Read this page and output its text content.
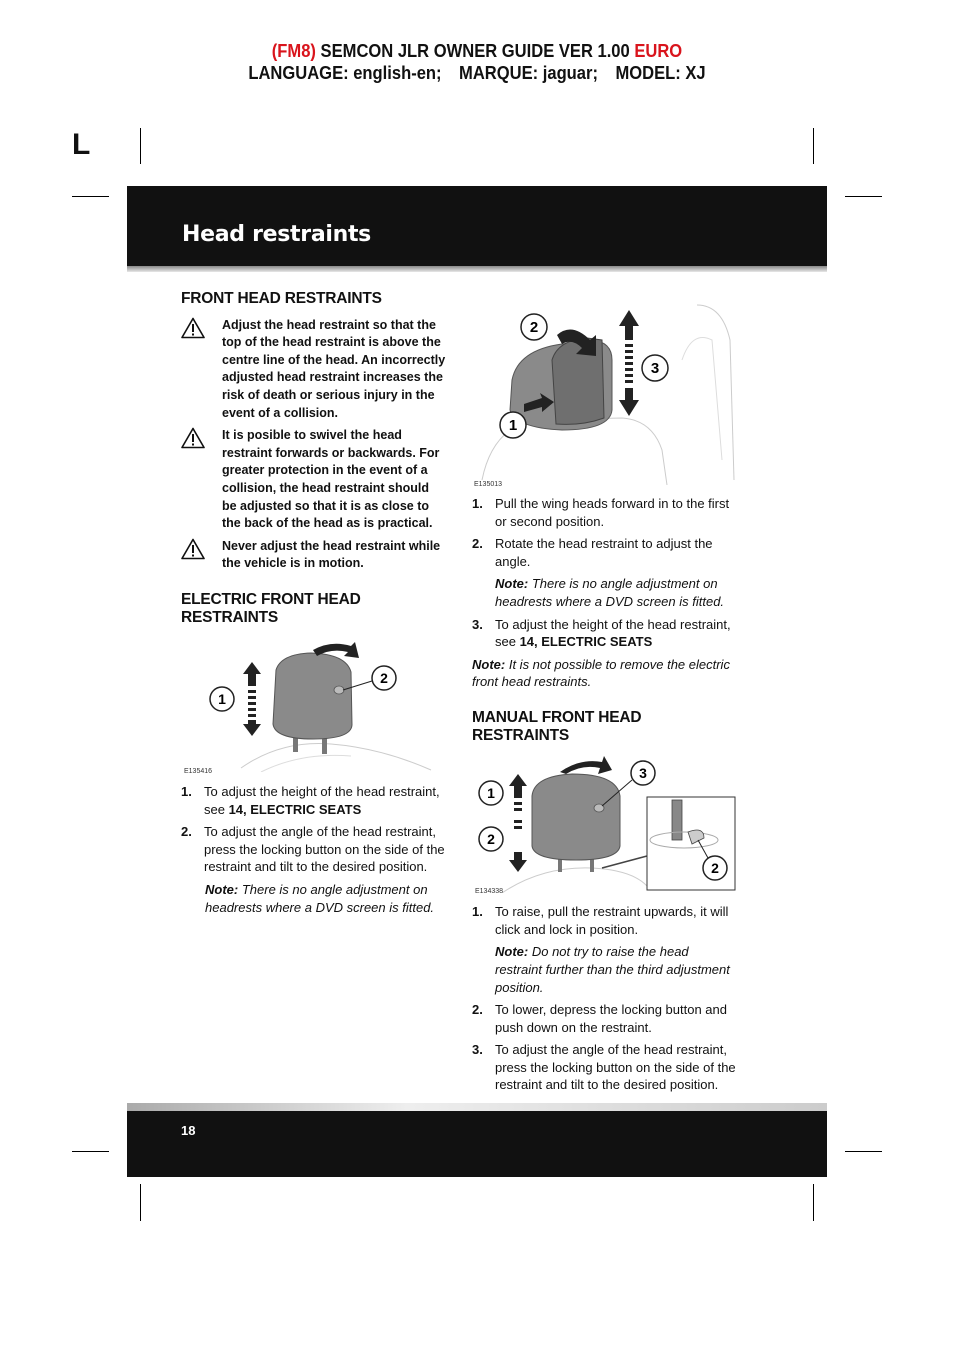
(FM8) SEMCON JLR OWNER GUIDE VER 1.00 EURO
LANGUAGE: english-en; MARQUE: jaguar; MODEL: XJ
L
Head restraints
FRONT HEAD RESTRAINTS
Adjust the head restraint so that the top of the head restraint is above the centre line of the head. An incorrectly adjusted head restraint increases the risk of death or serious injury in the event of a collision.
It is posible to swivel the head restraint forwards or backwards. For greater protection in the event of a collision, the head restraint should be adjusted so that it is as close to the back of the head as is practical.
Never adjust the head restraint while the vehicle is in motion.
ELECTRIC FRONT HEAD RESTRAINTS
1
2
E135416
1. To adjust the height of the head restraint, see 14, ELECTRIC SEATS
2. To adjust the angle of the head restraint, press the locking button on the side of the restraint and tilt to the desired position.
Note: There is no angle adjustment on headrests where a DVD screen is fitted.
2
1
3
E135013
1. Pull the wing heads forward in to the first or second position.
2. Rotate the head restraint to adjust the angle.
Note: There is no angle adjustment on headrests where a DVD screen is fitted.
3. To adjust the height of the head restraint, see 14, ELECTRIC SEATS
Note: It is not possible to remove the electric front head restraints.
MANUAL FRONT HEAD RESTRAINTS
1
2
3
2
E134338
1. To raise, pull the restraint upwards, it will click and lock in position.
Note: Do not try to raise the head restraint further than the third adjustment position.
2. To lower, depress the locking button and push down on the restraint.
3. To adjust the angle of the head restraint, press the locking button on the side of the restraint and tilt to the desired position.
18
